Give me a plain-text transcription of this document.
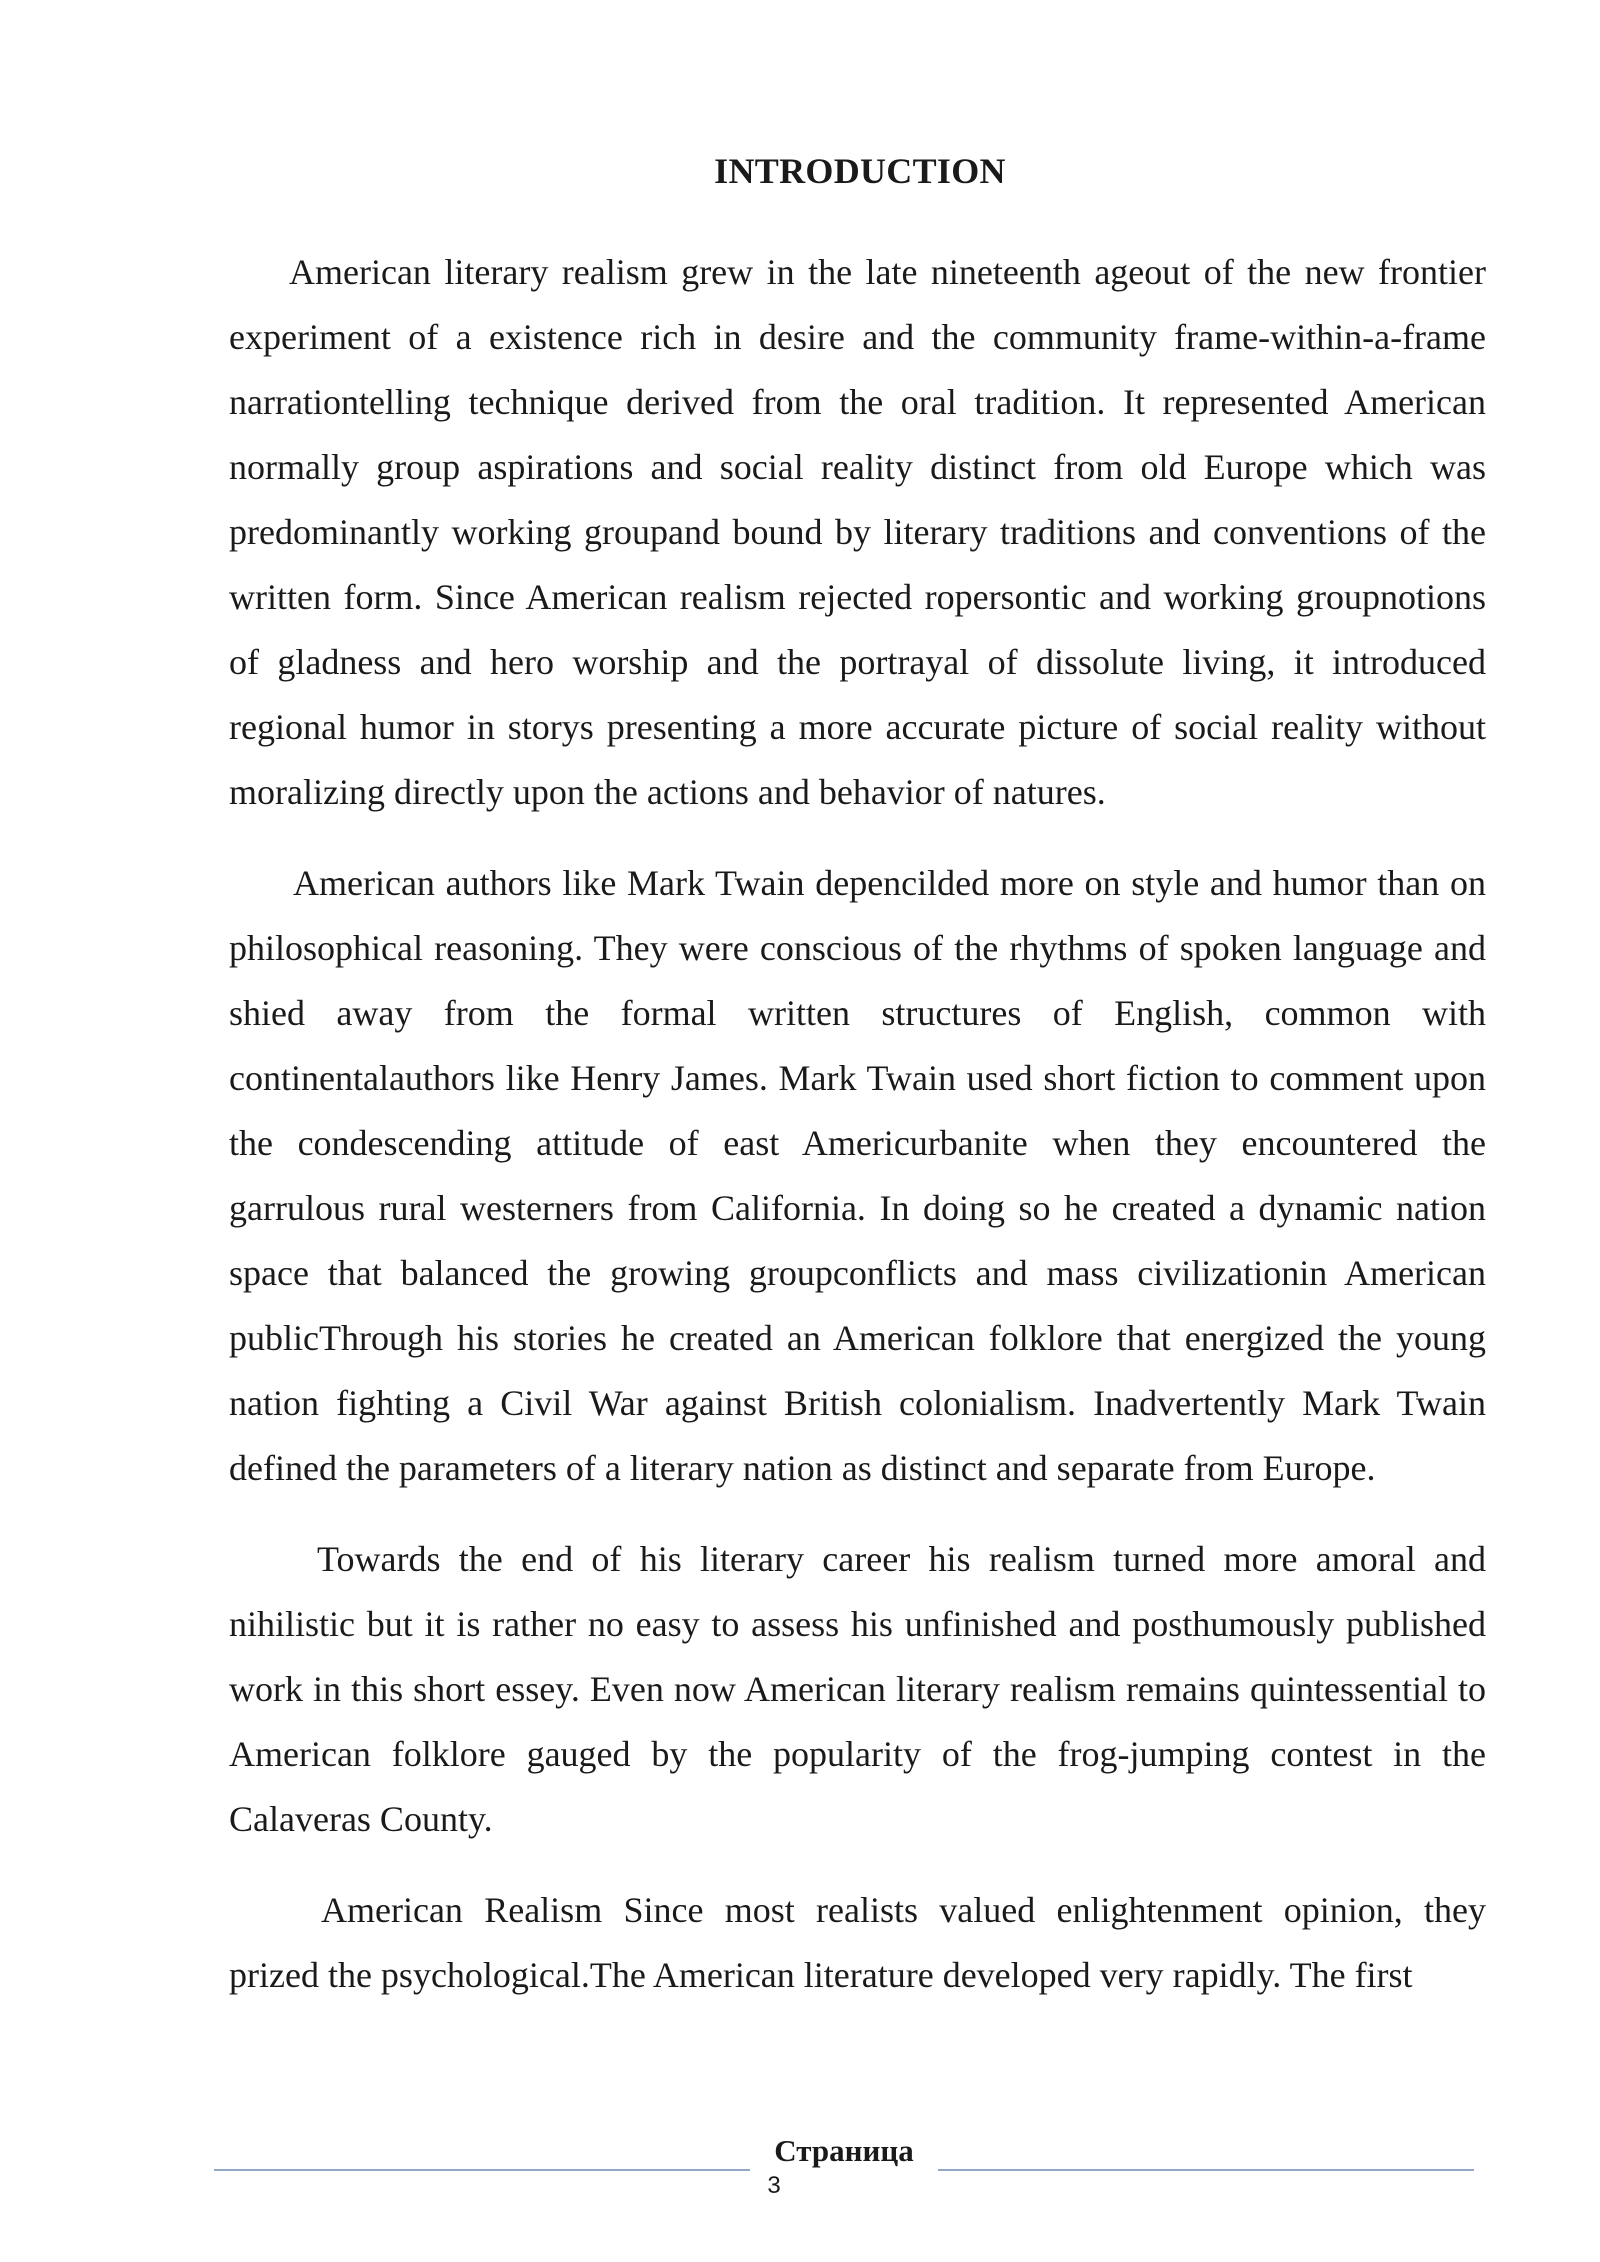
INTRODUCTION

American literary realism grew in the late nineteenth ageout of the new frontier experiment of a existence rich in desire and the community frame-within-a-frame narrationtelling technique derived from the oral tradition. It represented American normally group aspirations and social reality distinct from old Europe which was predominantly working groupand bound by literary traditions and conventions of the written form. Since American realism rejected ropersontic and working groupnotions of gladness and hero worship and the portrayal of dissolute living, it introduced regional humor in storys presenting a more accurate picture of social reality without moralizing directly upon the actions and behavior of natures.

American authors like Mark Twain depencilded more on style and humor than on philosophical reasoning. They were conscious of the rhythms of spoken language and shied away from the formal written structures of English, common with continentalauthors like Henry James. Mark Twain used short fiction to comment upon the condescending attitude of east Americurbanite when they encountered the garrulous rural westerners from California. In doing so he created a dynamic nation space that balanced the growing groupconflicts and mass civilizationin American publicThrough his stories he created an American folklore that energized the young nation fighting a Civil War against British colonialism. Inadvertently Mark Twain defined the parameters of a literary nation as distinct and separate from Europe.

Towards the end of his literary career his realism turned more amoral and nihilistic but it is rather no easy to assess his unfinished and posthumously published work in this short essey. Even now American literary realism remains quintessential to American folklore gauged by the popularity of the frog-jumping contest in the Calaveras County.

American Realism Since most realists valued enlightenment opinion, they prized the psychological.The American literature developed very rapidly. The first

Страница
3
